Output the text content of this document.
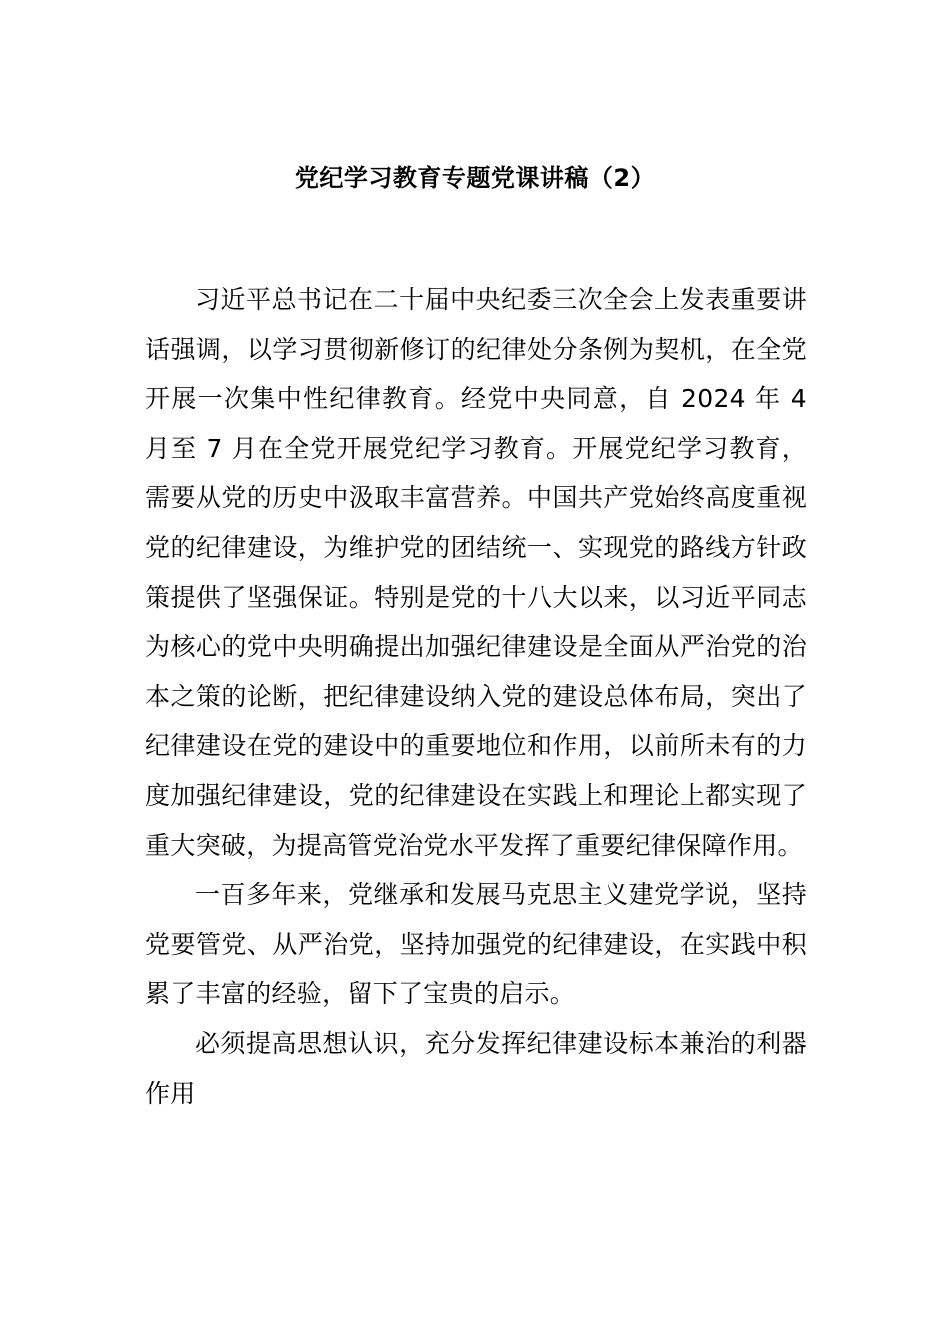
党纪学习教育专题党课讲稿（2）

习近平总书记在二十届中央纪委三次全会上发表重要讲话强调，以学习贯彻新修订的纪律处分条例为契机，在全党开展一次集中性纪律教育。经党中央同意，自 2024 年 4 月至 7 月在全党开展党纪学习教育。开展党纪学习教育，需要从党的历史中汲取丰富营养。中国共产党始终高度重视党的纪律建设，为维护党的团结统一、实现党的路线方针政策提供了坚强保证。特别是党的十八大以来，以习近平同志为核心的党中央明确提出加强纪律建设是全面从严治党的治本之策的论断，把纪律建设纳入党的建设总体布局，突出了纪律建设在党的建设中的重要地位和作用，以前所未有的力度加强纪律建设，党的纪律建设在实践上和理论上都实现了重大突破，为提高管党治党水平发挥了重要纪律保障作用。

一百多年来，党继承和发展马克思主义建党学说，坚持党要管党、从严治党，坚持加强党的纪律建设，在实践中积累了丰富的经验，留下了宝贵的启示。

必须提高思想认识，充分发挥纪律建设标本兼治的利器作用
